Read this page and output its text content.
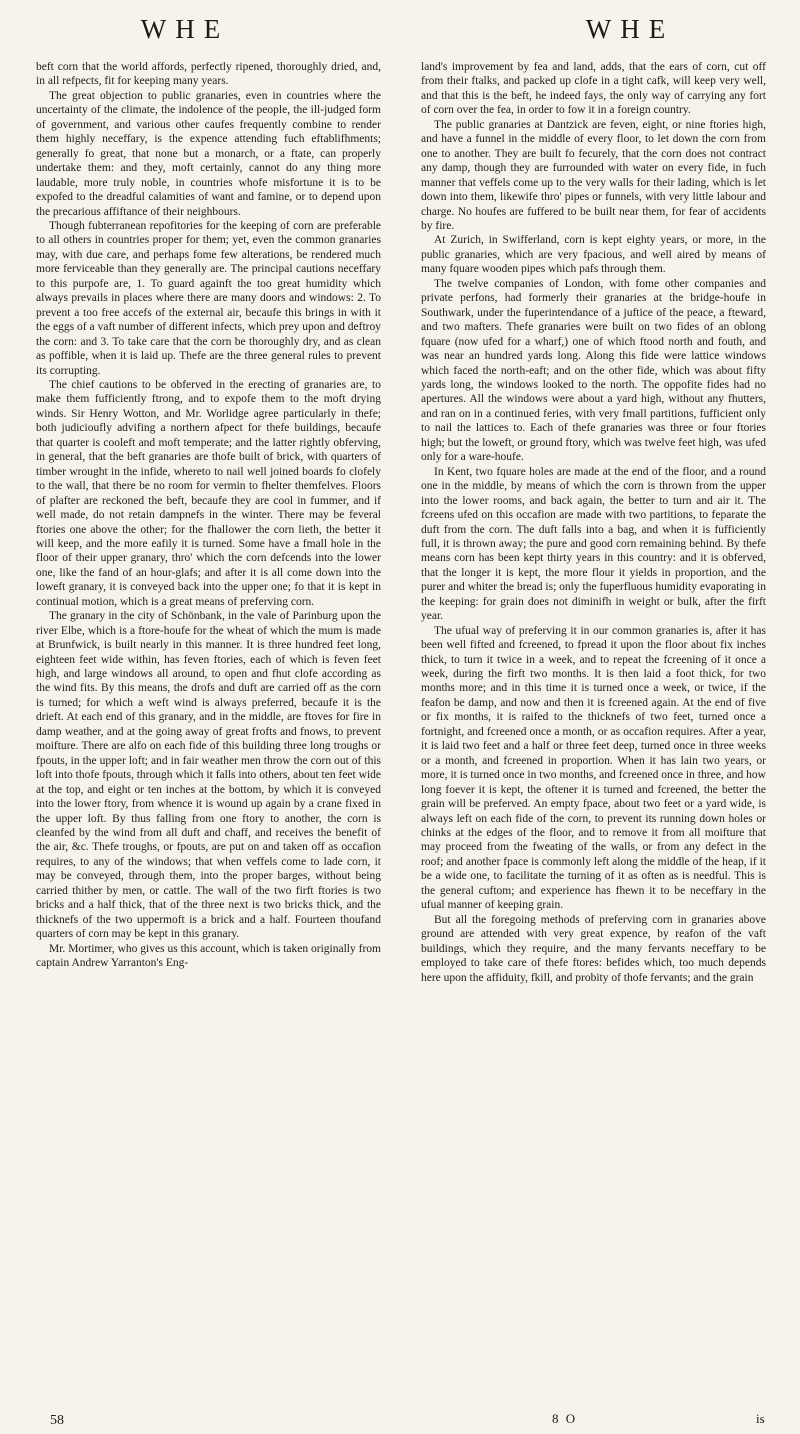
WHE	WHE

beft corn that the world affords, perfectly ripened, thoroughly dried, and, in all refpects, fit for keeping many years.

The great objection to public granaries, even in countries where the uncertainty of the climate, the indolence of the people, the ill-judged form of government, and various other caufes frequently combine to render them highly neceffary, is the expence attending fuch eftablifhments; generally fo great, that none but a monarch, or a ftate, can properly undertake them: and they, moft certainly, cannot do any thing more laudable, more truly noble, in countries whofe misfortune it is to be expofed to the dreadful calamities of want and famine, or to depend upon the precarious affiftance of their neighbours.

Though fubterranean repofitories for the keeping of corn are preferable to all others in countries proper for them; yet, even the common granaries may, with due care, and perhaps fome few alterations, be rendered much more ferviceable than they generally are. The principal cautions neceffary to this purpofe are, 1. To guard againft the too great humidity which always prevails in places where there are many doors and windows: 2. To prevent a too free accefs of the external air, becaufe this brings in with it the eggs of a vaft number of different infects, which prey upon and deftroy the corn: and 3. To take care that the corn be thoroughly dry, and as clean as poffible, when it is laid up. Thefe are the three general rules to prevent its corrupting.

The chief cautions to be obferved in the erecting of granaries are, to make them fufficiently ftrong, and to expofe them to the moft drying winds. Sir Henry Wotton, and Mr. Worlidge agree particularly in thefe; both judicioufly advifing a northern afpect for thefe buildings, becaufe that quarter is cooleft and moft temperate; and the latter rightly obferving, in general, that the beft granaries are thofe built of brick, with quarters of timber wrought in the infide, whereto to nail well joined boards fo clofely to the wall, that there be no room for vermin to fhelter themfelves. Floors of plafter are reckoned the beft, becaufe they are cool in fummer, and if well made, do not retain dampnefs in the winter. There may be feveral ftories one above the other; for the fhallower the corn lieth, the better it will keep, and the more eafily it is turned. Some have a fmall hole in the floor of their upper granary, thro' which the corn defcends into the lower one, like the fand of an hour-glafs; and after it is all come down into the loweft granary, it is conveyed back into the upper one; fo that it is kept in continual motion, which is a great means of preferving corn.

The granary in the city of Schönbank, in the vale of Parinburg upon the river Elbe, which is a ftore-houfe for the wheat of which the mum is made at Brunfwick, is built nearly in this manner. It is three hundred feet long, eighteen feet wide within, has feven ftories, each of which is feven feet high, and large windows all around, to open and fhut clofe according as the wind fits. By this means, the drofs and duft are carried off as the corn is turned; for which a weft wind is always preferred, becaufe it is the drieft. At each end of this granary, and in the middle, are ftoves for fire in damp weather, and at the going away of great frofts and fnows, to prevent moifture. There are alfo on each fide of this building three long troughs or fpouts, in the upper loft; and in fair weather men throw the corn out of this loft into thofe fpouts, through which it falls into others, about ten feet wide at the top, and eight or ten inches at the bottom, by which it is conveyed into the lower ftory, from whence it is wound up again by a crane fixed in the upper loft. By thus falling from one ftory to another, the corn is cleanfed by the wind from all duft and chaff, and receives the benefit of the air, &c. Thefe troughs, or fpouts, are put on and taken off as occafion requires, to any of the windows; that when veffels come to lade corn, it may be conveyed, through them, into the proper barges, without being carried thither by men, or cattle. The wall of the two firft ftories is two bricks and a half thick, that of the three next is two bricks thick, and the thicknefs of the two uppermoft is a brick and a half. Fourteen thoufand quarters of corn may be kept in this granary.

Mr. Mortimer, who gives us this account, which is taken originally from captain Andrew Yarranton's Eng-

land's improvement by fea and land, adds, that the ears of corn, cut off from their ftalks, and packed up clofe in a tight cafk, will keep very well, and that this is the beft, he indeed fays, the only way of carrying any fort of corn over the fea, in order to fow it in a foreign country.

The public granaries at Dantzick are feven, eight, or nine ftories high, and have a funnel in the middle of every floor, to let down the corn from one to another. They are built fo fecurely, that the corn does not contract any damp, though they are furrounded with water on every fide, in fuch manner that veffels come up to the very walls for their lading, which is let down into them, likewife thro' pipes or funnels, with very little labour and charge. No houfes are fuffered to be built near them, for fear of accidents by fire.

At Zurich, in Swifferland, corn is kept eighty years, or more, in the public granaries, which are very fpacious, and well aired by means of many fquare wooden pipes which pafs through them.

The twelve companies of London, with fome other companies and private perfons, had formerly their granaries at the bridge-houfe in Southwark, under the fuperintendance of a juftice of the peace, a fteward, and two mafters. Thefe granaries were built on two fides of an oblong fquare (now ufed for a wharf,) one of which ftood north and fouth, and was near an hundred yards long. Along this fide were lattice windows which faced the north-eaft; and on the other fide, which was about fifty yards long, the windows looked to the north. The oppofite fides had no apertures. All the windows were about a yard high, without any fhutters, and ran on in a continued feries, with very fmall partitions, fufficient only to nail the lattices to. Each of thefe granaries was three or four ftories high; but the loweft, or ground ftory, which was twelve feet high, was ufed only for a ware-houfe.

In Kent, two fquare holes are made at the end of the floor, and a round one in the middle, by means of which the corn is thrown from the upper into the lower rooms, and back again, the better to turn and air it. The fcreens ufed on this occafion are made with two partitions, to feparate the duft from the corn. The duft falls into a bag, and when it is fufficiently full, it is thrown away; the pure and good corn remaining behind. By thefe means corn has been kept thirty years in this country: and it is obferved, that the longer it is kept, the more flour it yields in proportion, and the purer and whiter the bread is; only the fuperfluous humidity evaporating in the keeping: for grain does not diminifh in weight or bulk, after the firft year.

The ufual way of preferving it in our common granaries is, after it has been well fifted and fcreened, to fpread it upon the floor about fix inches thick, to turn it twice in a week, and to repeat the fcreening of it once a week, during the firft two months. It is then laid a foot thick, for two months more; and in this time it is turned once a week, or twice, if the feafon be damp, and now and then it is fcreened again. At the end of five or fix months, it is raifed to the thicknefs of two feet, turned once a fortnight, and fcreened once a month, or as occafion requires. After a year, it is laid two feet and a half or three feet deep, turned once in three weeks or a month, and fcreened in proportion. When it has lain two years, or more, it is turned once in two months, and fcreened once in three, and how long foever it is kept, the oftener it is turned and fcreened, the better the grain will be preferved. An empty fpace, about two feet or a yard wide, is always left on each fide of the corn, to prevent its running down holes or chinks at the edges of the floor, and to remove it from all moifture that may proceed from the fweating of the walls, or from any defect in the roof; and another fpace is commonly left along the middle of the heap, if it be a wide one, to facilitate the turning of it as often as is needful. This is the general cuftom; and experience has fhewn it to be neceffary in the ufual manner of keeping grain.

But all the foregoing methods of preferving corn in granaries above ground are attended with very great expence, by reafon of the vaft buildings, which they require, and the many fervants neceffary to be employed to take care of thefe ftores: befides which, too much depends here upon the affiduity, fkill, and probity of thofe fervants; and the grain

58	8 O	is
